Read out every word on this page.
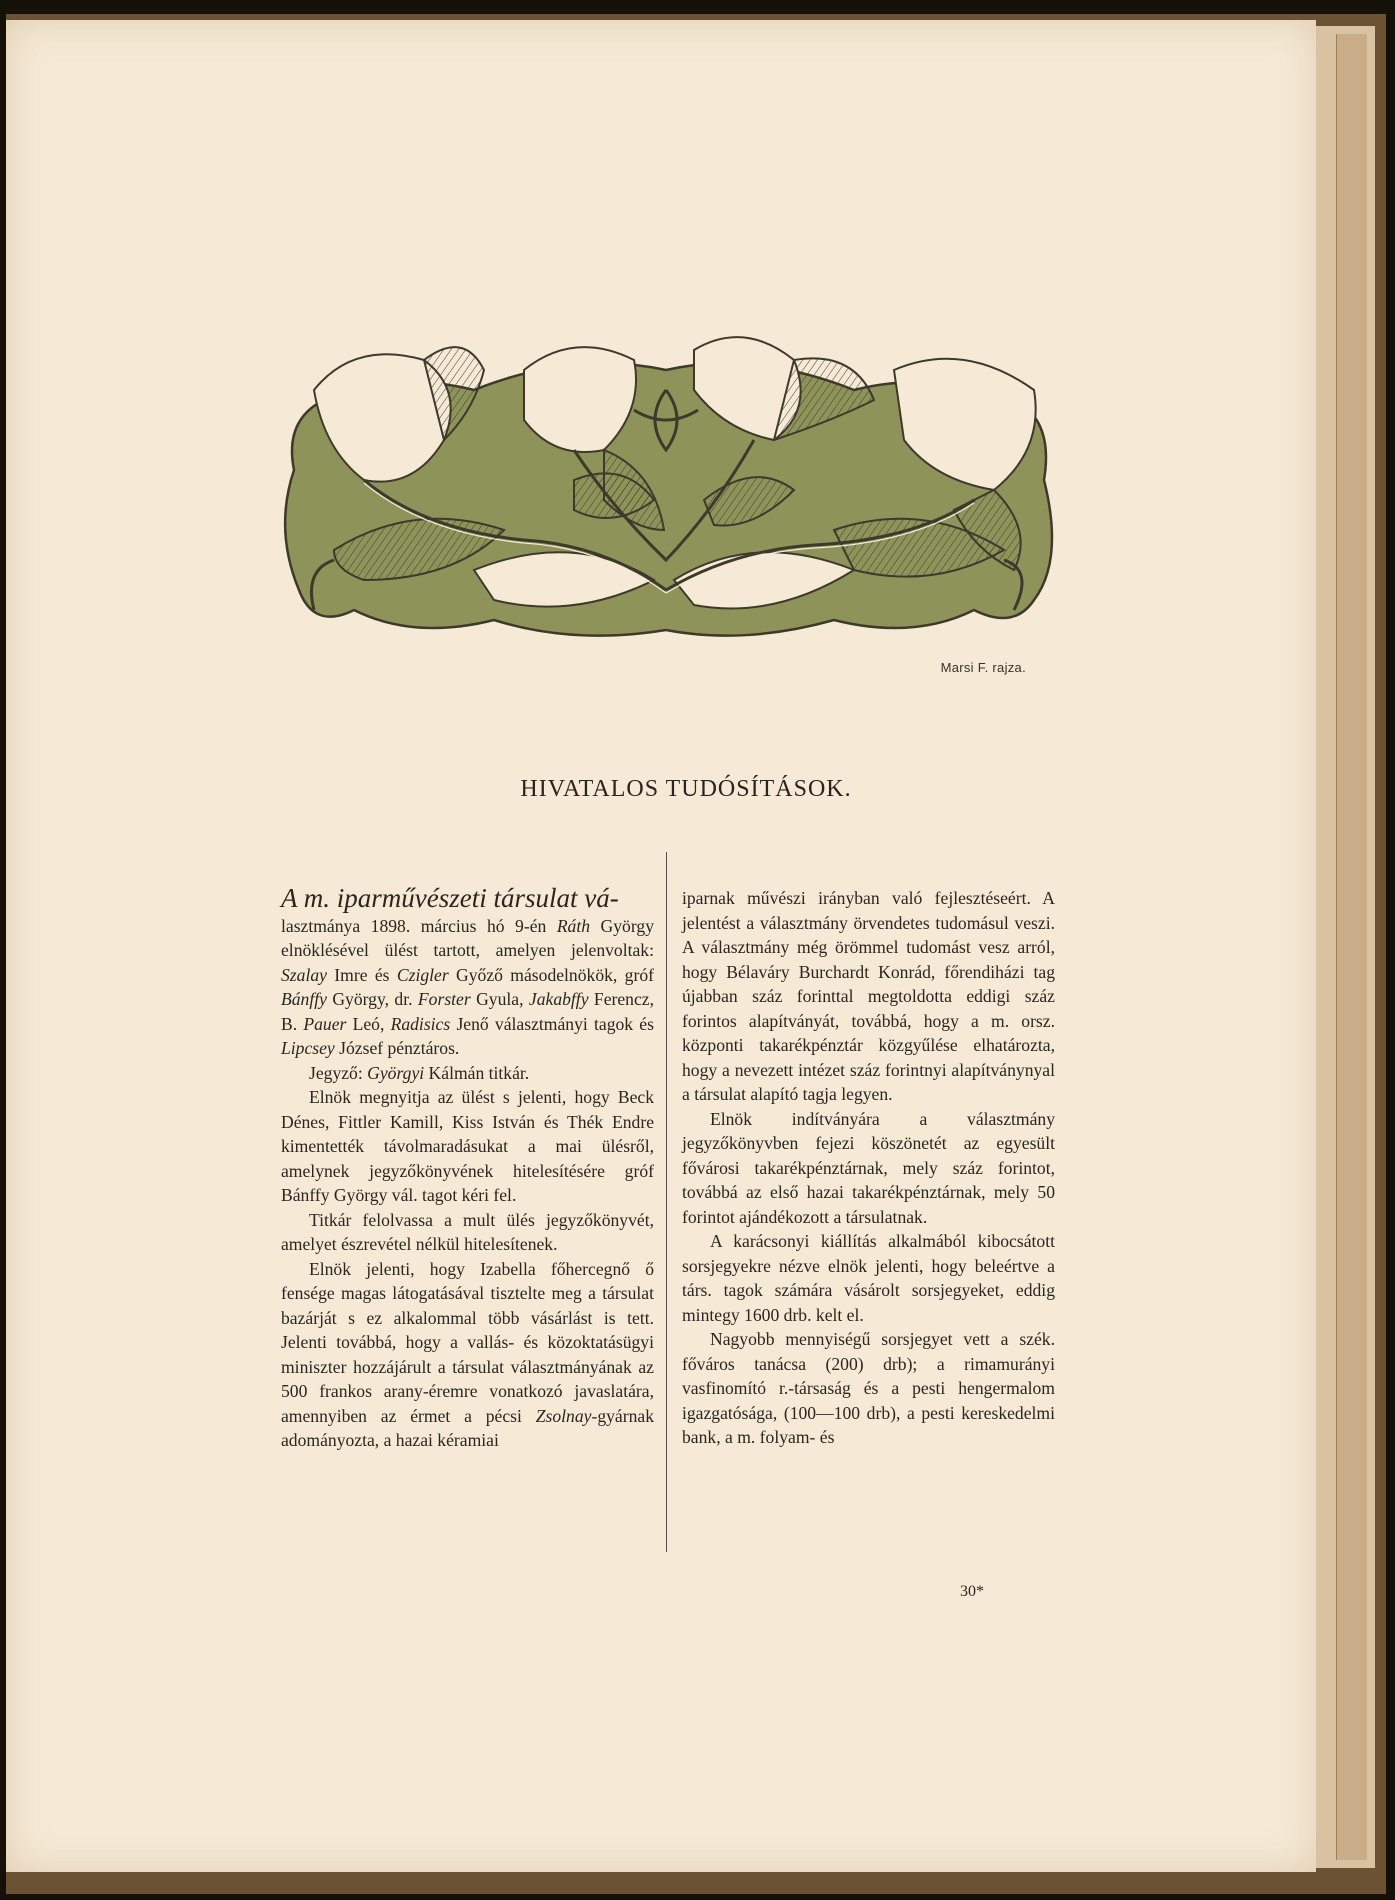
Marsi F. rajza.
HIVATALOS TUDÓSÍTÁSOK.

A m. iparművészeti társulat vá-
lasztmánya 1898. március hó 9-én Ráth György elnöklésével ülést tartott, amelyen jelenvoltak: Szalay Imre és Czigler Győző másodelnökök, gróf Bánffy György, dr. Forster Gyula, Jakabffy Ferencz, B. Pauer Leó, Radisics Jenő választmányi tagok és Lipcsey József pénztáros.

Jegyző: Györgyi Kálmán titkár.

Elnök megnyitja az ülést s jelenti, hogy Beck Dénes, Fittler Kamill, Kiss István és Thék Endre kimentették távolmaradásukat a mai ülésről, amelynek jegyzőkönyvének hitelesítésére gróf Bánffy György vál. tagot kéri fel.

Titkár felolvassa a mult ülés jegyzőkönyvét, amelyet észrevétel nélkül hitelesítenek.

Elnök jelenti, hogy Izabella főhercegnő ő fensége magas látogatásával tisztelte meg a társulat bazárját s ez alkalommal több vásárlást is tett. Jelenti továbbá, hogy a vallás- és közoktatásügyi miniszter hozzájárult a társulat választmányának az 500 frankos arany-éremre vonatkozó javaslatára, amennyiben az érmet a pécsi Zsolnay-gyárnak adományozta, a hazai kéramiai

iparnak művészi irányban való fejlesztéseért. A jelentést a választmány örvendetes tudomásul veszi. A választmány még örömmel tudomást vesz arról, hogy Bélaváry Burchardt Konrád, főrendiházi tag újabban száz forinttal megtoldotta eddigi száz forintos alapítványát, továbbá, hogy a m. orsz. központi takarékpénztár közgyűlése elhatározta, hogy a nevezett intézet száz forintnyi alapítványnyal a társulat alapító tagja legyen.

Elnök indítványára a választmány jegyzőkönyvben fejezi köszönetét az egyesült fővárosi takarékpénztárnak, mely száz forintot, továbbá az első hazai takarékpénztárnak, mely 50 forintot ajándékozott a társulatnak.

A karácsonyi kiállítás alkalmából kibocsátott sorsjegyekre nézve elnök jelenti, hogy beleértve a társ. tagok számára vásárolt sorsjegyeket, eddig mintegy 1600 drb. kelt el.

Nagyobb mennyiségű sorsjegyet vett a szék. főváros tanácsa (200) drb); a rimamurányi vasfinomító r.-társaság és a pesti hengermalom igazgatósága, (100—100 drb), a pesti kereskedelmi bank, a m. folyam- és

30*
